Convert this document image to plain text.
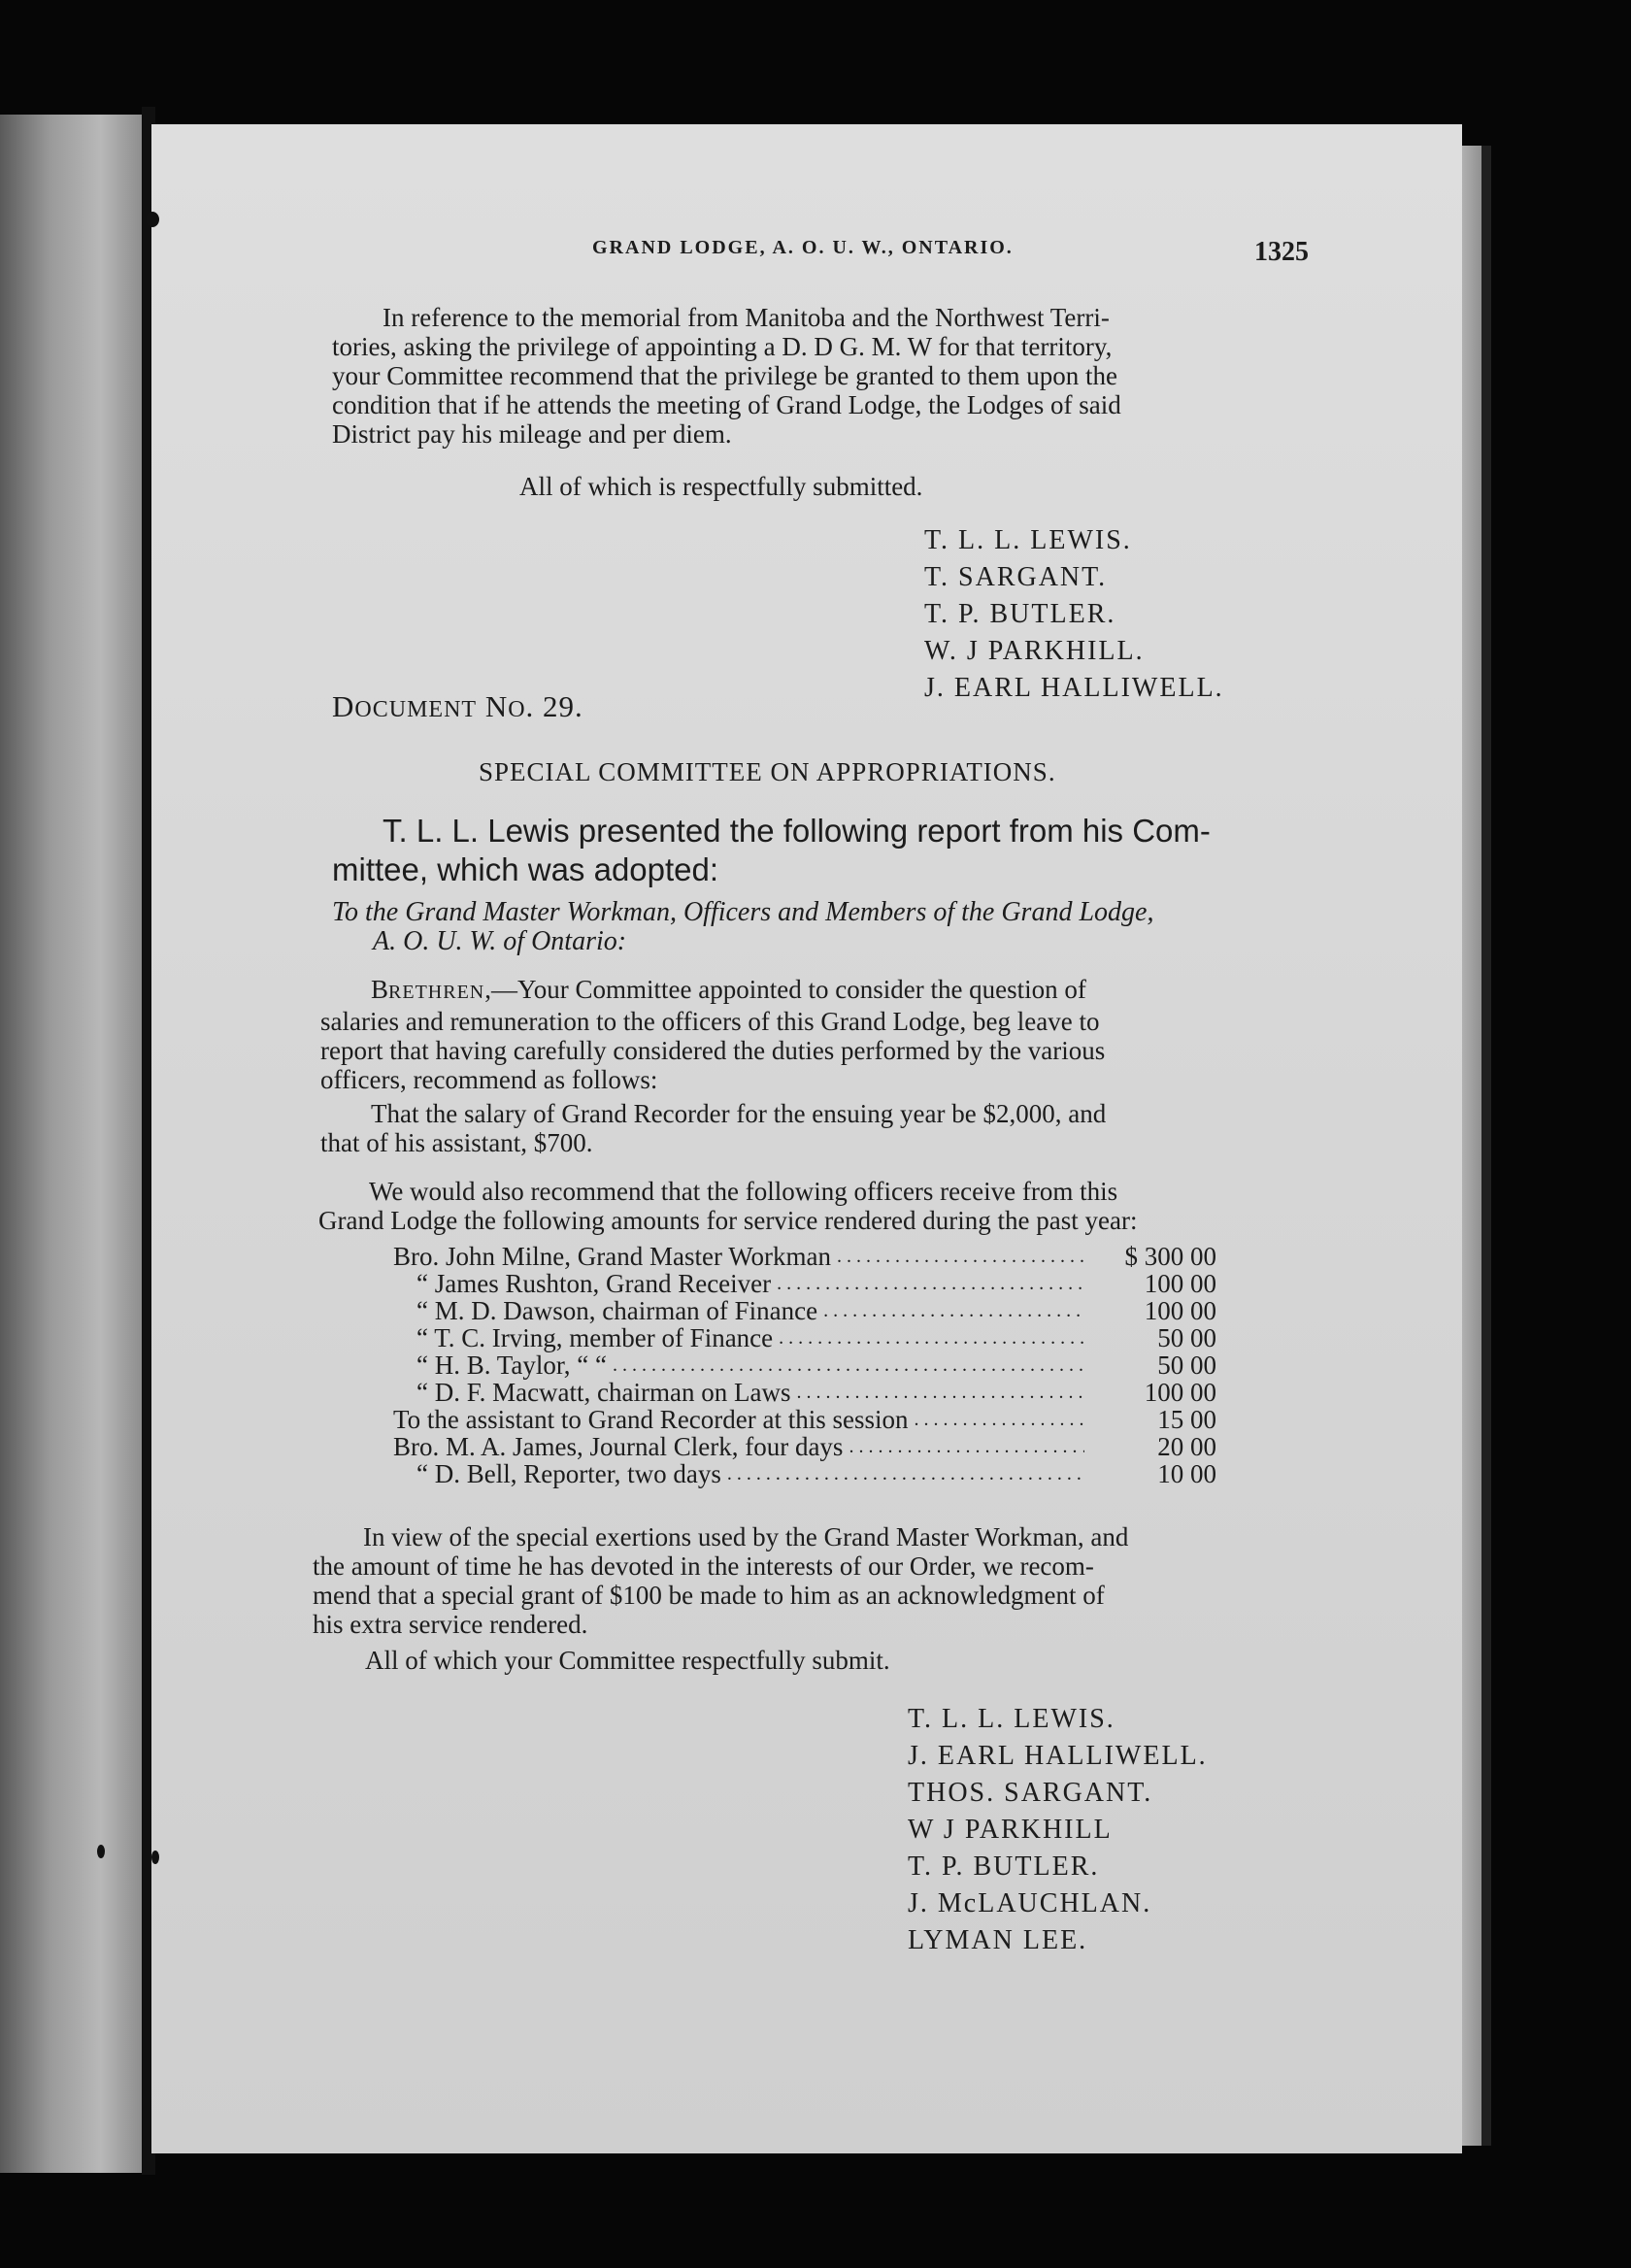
GRAND LODGE, A. O. U. W., ONTARIO.	1325
In reference to the memorial from Manitoba and the Northwest Terri-
tories, asking the privilege of appointing a D. D G. M. W for that territory,
your Committee recommend that the privilege be granted to them upon the
condition that if he attends the meeting of Grand Lodge, the Lodges of said
District pay his mileage and per diem.

All of which is respectfully submitted.

T. L. L. LEWIS.
T. SARGANT.
T. P. BUTLER.
W. J PARKHILL.
J. EARL HALLIWELL.

DOCUMENT NO. 29.

SPECIAL COMMITTEE ON APPROPRIATIONS.

T. L. L. Lewis presented the following report from his Com-
mittee, which was adopted:
To the Grand Master Workman, Officers and Members of the Grand Lodge,
A. O. U. W. of Ontario:
BRETHREN,—Your Committee appointed to consider the question of
salaries and remuneration to the officers of this Grand Lodge, beg leave to
report that having carefully considered the duties performed by the various
officers, recommend as follows:
That the salary of Grand Recorder for the ensuing year be $2,000, and
that of his assistant, $700.
We would also recommend that the following officers receive from this
Grand Lodge the following amounts for service rendered during the past year:
Bro. John Milne, Grand Master Workman .....	$ 300 00
“ James Rushton, Grand Receiver .....	100 00
“ M. D. Dawson, chairman of Finance .....	100 00
“ T. C. Irving, member of Finance .....	50 00
“ H. B. Taylor, “ “ .....	50 00
“ D. F. Macwatt, chairman on Laws .....	100 00
To the assistant to Grand Recorder at this session .....	15 00
Bro. M. A. James, Journal Clerk, four days .....	20 00
“ D. Bell, Reporter, two days .....	10 00
In view of the special exertions used by the Grand Master Workman, and
the amount of time he has devoted in the interests of our Order, we recom-
mend that a special grant of $100 be made to him as an acknowledgment of
his extra service rendered.

All of which your Committee respectfully submit.

T. L. L. LEWIS.
J. EARL HALLIWELL.
THOS. SARGANT.
W J PARKHILL
T. P. BUTLER.
J. McLAUCHLAN.
LYMAN LEE.
